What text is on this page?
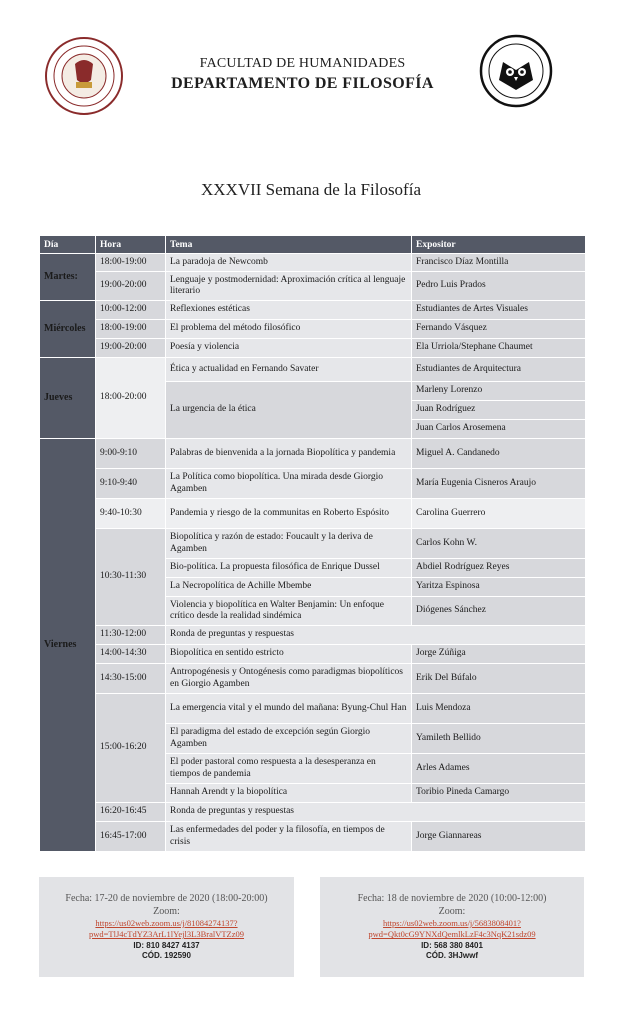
FACULTAD DE HUMANIDADES
DEPARTAMENTO DE FILOSOFÍA
XXXVII Semana de la Filosofía
Día	Hora	Tema	Expositor
Martes:	18:00-19:00	La paradoja de Newcomb	Francisco Díaz Montilla
	19:00-20:00	Lenguaje y postmodernidad: Aproximación crítica al lenguaje literario	Pedro Luis Prados
Miércoles	10:00-12:00	Reflexiones estéticas	Estudiantes de Artes Visuales
	18:00-19:00	El problema del método filosófico	Fernando Vásquez
	19:00-20:00	Poesía y violencia	Ela Urriola/Stephane Chaumet
Jueves	18:00-20:00	Ética y actualidad en Fernando Savater	Estudiantes de Arquitectura
		La urgencia de la ética	Marleny Lorenzo
			Juan Rodríguez
			Juan Carlos Arosemena
Viernes	9:00-9:10	Palabras de bienvenida a la jornada Biopolítica y pandemia	Miguel A. Candanedo
	9:10-9:40	La Política como biopolítica. Una mirada desde Giorgio Agamben	María Eugenia Cisneros Araujo
	9:40-10:30	Pandemia y riesgo de la communitas en Roberto Espósito	Carolina Guerrero
	10:30-11:30	Biopolítica y razón de estado: Foucault y la deriva de Agamben	Carlos Kohn W.
		Bio-política. La propuesta filosófica de Enrique Dussel	Abdiel Rodríguez Reyes
		La Necropolítica de Achille Mbembe	Yaritza Espinosa
		Violencia y biopolítica en Walter Benjamin: Un enfoque crítico desde la realidad sindémica	Diógenes Sánchez
	11:30-12:00	Ronda de preguntas y respuestas	
	14:00-14:30	Biopolítica en sentido estricto	Jorge Zúñiga
	14:30-15:00	Antropogénesis y Ontogénesis como paradigmas biopolíticos en Giorgio Agamben	Erik Del Búfalo
	15:00-16:20	La emergencia vital y el mundo del mañana: Byung-Chul Han	Luis Mendoza
		El paradigma del estado de excepción según Giorgio Agamben	Yamileth Bellido
		El poder pastoral como respuesta a la desesperanza en tiempos de pandemia	Arles Adames
		Hannah Arendt y la biopolítica	Toribio Pineda Camargo
	16:20-16:45	Ronda de preguntas y respuestas	
	16:45-17:00	Las enfermedades del poder y la filosofía, en tiempos de crisis	Jorge Giannareas
Fecha: 17-20 de noviembre de 2020 (18:00-20:00)
Zoom:
https://us02web.zoom.us/j/81084274137?
pwd=TlJ4cTdYZ3ArL1lYejl3L3BralVTZz09
ID: 810 8427 4137
CÓD. 192590
Fecha: 18 de noviembre de 2020 (10:00-12:00)
Zoom:
https://us02web.zoom.us/j/5683808401?
pwd=Qkt0cG9YNXdQemlkLzF4c3NqK21sdz09
ID: 568 380 8401
CÓD. 3HJwwf
